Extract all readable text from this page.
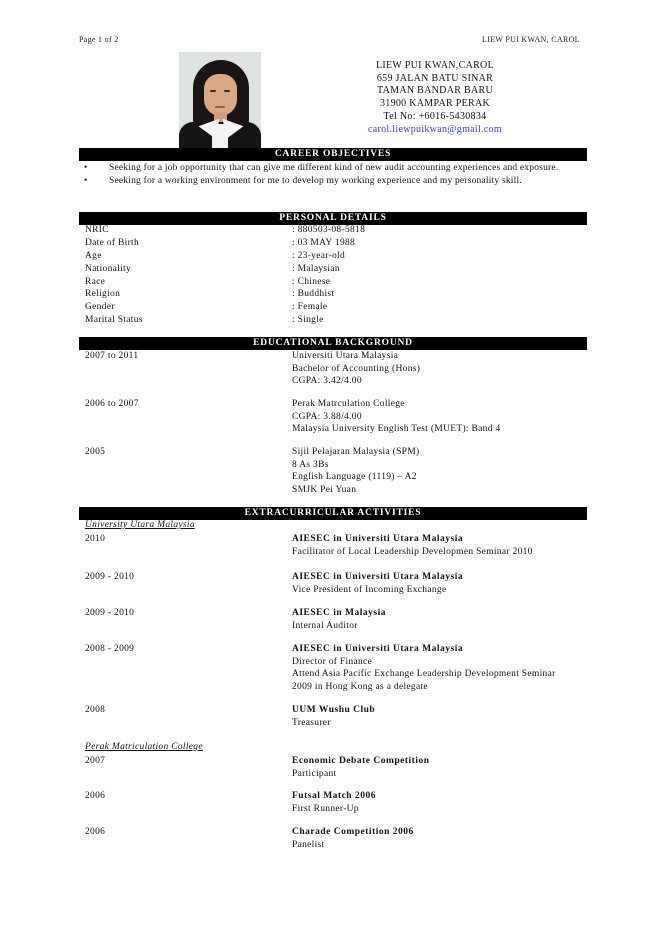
Page 1 of 2	LIEW PUI KWAN, CAROL
LIEW PUI KWAN,CAROL
659 JALAN BATU SINAR
TAMAN BANDAR BARU
31900 KAMPAR PERAK
Tel No: +6016-5430834
carol.liewpuikwan@gmail.com
CAREER OBJECTIVES
• Seeking for a job opportunity that can give me different kind of new audit accounting experiences and exposure.
• Seeking for a working environment for me to develop my working experience and my personality skill.
PERSONAL DETAILS
NRIC	: 880503-08-5818
Date of Birth	: 03 MAY 1988
Age	: 23-year-old
Nationality	: Malaysian
Race	: Chinese
Religion	: Buddhist
Gender	: Female
Marital Status	: Single
EDUCATIONAL BACKGROUND
2007 to 2011	Universiti Utara Malaysia
Bachelor of Accounting (Hons)
CGPA: 3.42/4.00
2006 to 2007	Perak Matrculation College
CGPA: 3.88/4.00
Malaysia University English Test (MUET): Band 4
2005	Sijil Pelajaran Malaysia (SPM)
8 As 3Bs
English Language (1119) – A2
SMJK Pei Yuan
EXTRACURRICULAR ACTIVITIES
University Utara Malaysia
2010	AIESEC in Universiti Utara Malaysia
Facilitator of Local Leadership Developmen Seminar 2010
2009 - 2010	AIESEC in Universiti Utara Malaysia
Vice President of Incoming Exchange
2009 - 2010	AIESEC in Malaysia
Internal Auditor
2008 - 2009	AIESEC in Universiti Utara Malaysia
Director of Finance
Attend Asia Pacific Exchange Leadership Development Seminar
2009 in Hong Kong as a delegate
2008	UUM Wushu Club
Treasurer
Perak Matriculation College
2007	Economic Debate Competition
Participant
2006	Futsal Match 2006
First Runner-Up
2006	Charade Competition 2006
Panelist
